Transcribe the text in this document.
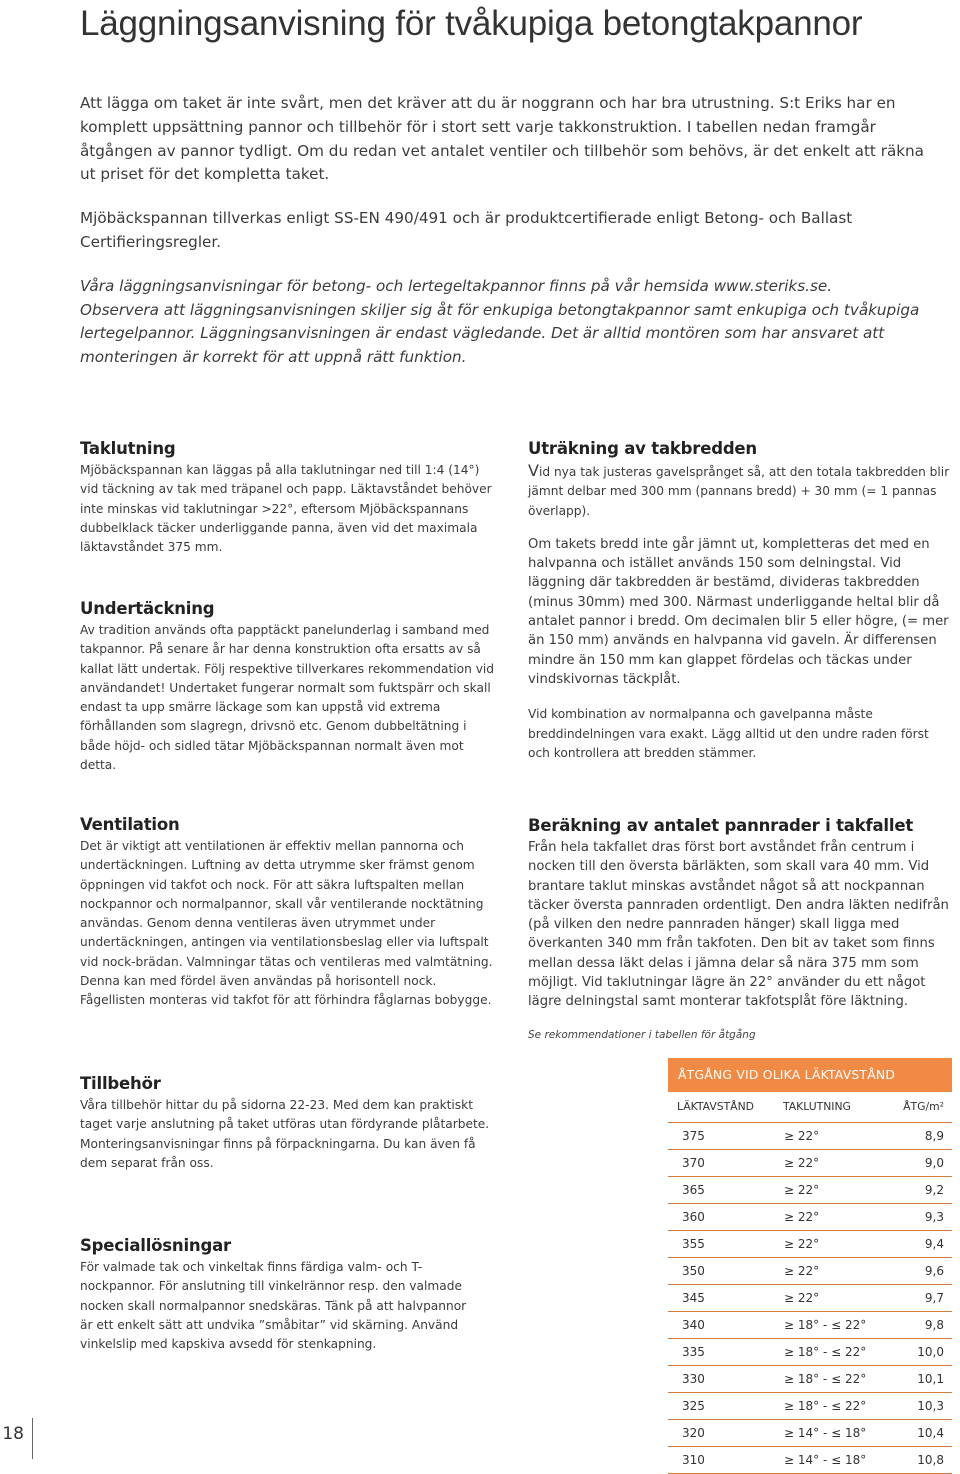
Läggningsanvisning för tvåkupiga betongtakpannor

Att lägga om taket är inte svårt, men det kräver att du är noggrann och har bra utrustning. S:t Eriks har en komplett uppsättning pannor och tillbehör för i stort sett varje takkonstruktion. I tabellen nedan framgår åtgången av pannor tydligt. Om du redan vet antalet ventiler och tillbehör som behövs, är det enkelt att räkna ut priset för det kompletta taket.

Mjöbäckspannan tillverkas enligt SS-EN 490/491 och är produktcertifierade enligt Betong- och Ballast Certifieringsregler.

Våra läggningsanvisningar för betong- och lertegeltakpannor finns på vår hemsida www.steriks.se.
Observera att läggningsanvisningen skiljer sig åt för enkupiga betongtakpannor samt enkupiga och tvåkupiga lertegelpannor. Läggningsanvisningen är endast vägledande. Det är alltid montören som har ansvaret att monteringen är korrekt för att uppnå rätt funktion.

Taklutning

Mjöbäckspannan kan läggas på alla taklutningar ned till 1:4 (14°) vid täckning av tak med träpanel och papp. Läktavståndet behöver inte minskas vid taklutningar >22°, eftersom Mjöbäckspannans dubbelklack täcker underliggande panna, även vid det maximala läktavståndet 375 mm.

Undertäckning

Av tradition används ofta papptäckt panelunderlag i samband med takpannor. På senare år har denna konstruktion ofta ersatts av så kallat lätt undertak. Följ respektive tillverkares rekommendation vid användandet! Undertaket fungerar normalt som fuktspärr och skall endast ta upp smärre läckage som kan uppstå vid extrema förhållanden som slagregn, drivsnö etc. Genom dubbeltätning i både höjd- och sidled tätar Mjöbäckspannan normalt även mot detta.

Ventilation

Det är viktigt att ventilationen är effektiv mellan pannorna och undertäckningen. Luftning av detta utrymme sker främst genom öppningen vid takfot och nock. För att säkra luftspalten mellan nockpannor och normalpannor, skall vår ventilerande nocktätning användas. Genom denna ventileras även utrymmet under undertäckningen, antingen via ventilationsbeslag eller via luftspalt vid nock-brädan. Valmningar tätas och ventileras med valmtätning. Denna kan med fördel även användas på horisontell nock. Fågellisten monteras vid takfot för att förhindra fåglarnas bobygge.

Tillbehör

Våra tillbehör hittar du på sidorna 22-23. Med dem kan praktiskt taget varje anslutning på taket utföras utan fördyrande plåtarbete. Monteringsanvisningar finns på förpackningarna. Du kan även få dem separat från oss.

Speciallösningar

För valmade tak och vinkeltak finns färdiga valm- och T-nockpannor. För anslutning till vinkelrännor resp. den valmade nocken skall normalpannor snedskäras. Tänk på att halvpannor är ett enkelt sätt att undvika ”småbitar” vid skärning. Använd vinkelslip med kapskiva avsedd för stenkapning.

Uträkning av takbredden

Vid nya tak justeras gavelsprånget så, att den totala takbredden blir jämnt delbar med 300 mm (pannans bredd) + 30 mm (= 1 pannas överlapp).

Om takets bredd inte går jämnt ut, kompletteras det med en halvpanna och istället används 150 som delningstal. Vid läggning där takbredden är bestämd, divideras takbredden (minus 30mm) med 300. Närmast underliggande heltal blir då antalet pannor i bredd. Om decimalen blir 5 eller högre, (= mer än 150 mm) används en halvpanna vid gaveln. Är differensen mindre än 150 mm kan glappet fördelas och täckas under vindskivornas täckplåt.

Vid kombination av normalpanna och gavelpanna måste breddindelningen vara exakt. Lägg alltid ut den undre raden först och kontrollera att bredden stämmer.

Beräkning av antalet pannrader i takfallet

Från hela takfallet dras först bort avståndet från centrum i nocken till den översta bärläkten, som skall vara 40 mm. Vid brantare taklut minskas avståndet något så att nockpannan täcker översta pannraden ordentligt. Den andra läkten nedifrån (på vilken den nedre pannraden hänger) skall ligga med överkanten 340 mm från takfoten. Den bit av taket som finns mellan dessa läkt delas i jämna delar så nära 375 mm som möjligt. Vid taklutningar lägre än 22° använder du ett något lägre delningstal samt monterar takfotsplåt före läktning.

Se rekommendationer i tabellen för åtgång
ÅTGÅNG VID OLIKA LÄKTAVSTÅND
LÄKTAVSTÅND	TAKLUTNING	ÅTG/m²
375	≥ 22°	8,9
370	≥ 22°	9,0
365	≥ 22°	9,2
360	≥ 22°	9,3
355	≥ 22°	9,4
350	≥ 22°	9,6
345	≥ 22°	9,7
340	≥ 18° - ≤ 22°	9,8
335	≥ 18° - ≤ 22°	10,0
330	≥ 18° - ≤ 22°	10,1
325	≥ 18° - ≤ 22°	10,3
320	≥ 14° - ≤ 18°	10,4
310	≥ 14° - ≤ 18°	10,8
18
